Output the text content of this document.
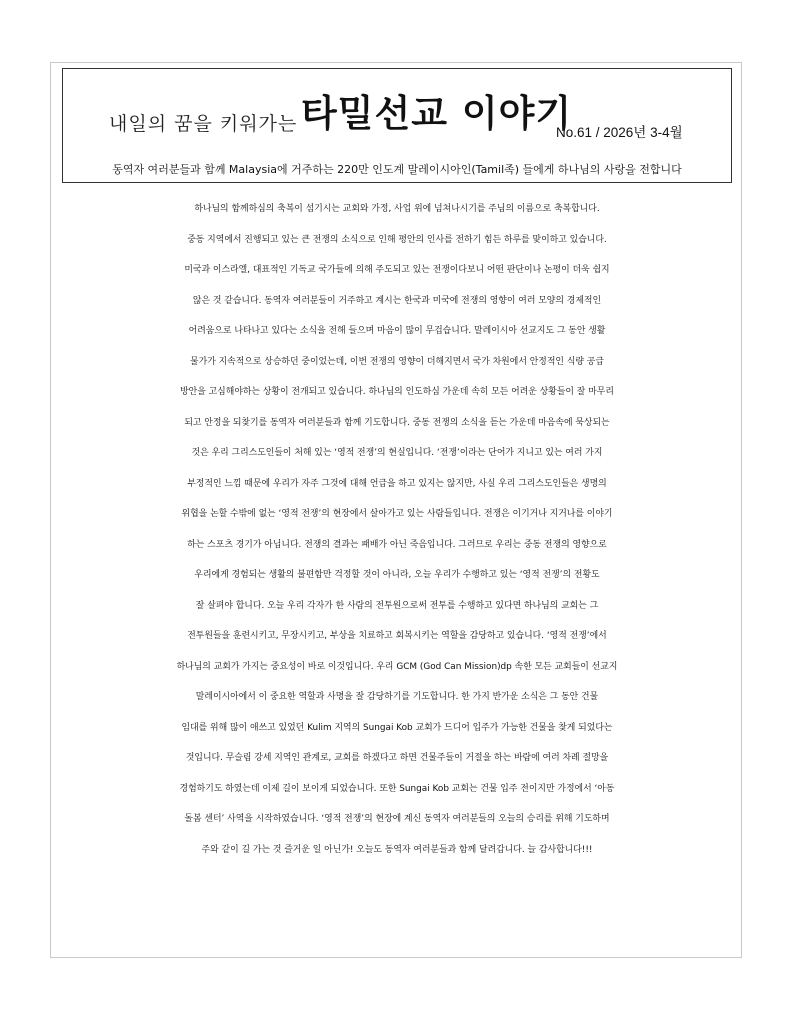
내일의 꿈을 키워가는 타밀선교 이야기
No.61 / 2026년 3-4월
동역자 여러분들과 함께 Malaysia에 거주하는 220만 인도계 말레이시아인(Tamil족) 들에게 하나님의 사랑을 전합니다
하나님의 함께하심의 축복이 섬기시는 교회와 가정, 사업 위에 넘쳐나시기를 주님의 이름으로 축복합니다.
중동 지역에서 진행되고 있는 큰 전쟁의 소식으로 인해 평안의 인사를 전하기 힘든 하루를 맞이하고 있습니다.
미국과 이스라엘, 대표적인 기독교 국가들에 의해 주도되고 있는 전쟁이다보니 어떤 판단이나 논평이 더욱 쉽지
않은 것 같습니다. 동역자 여러분들이 거주하고 계시는 한국과 미국에 전쟁의 영향이 여러 모양의 경제적인
어려움으로 나타나고 있다는 소식을 전해 들으며 마음이 많이 무겁습니다. 말레이시아 선교지도 그 동안 생활
물가가 지속적으로 상승하던 중이었는데, 이번 전쟁의 영향이 더해지면서 국가 차원에서 안정적인 식량 공급
방안을 고심해야하는 상황이 전개되고 있습니다. 하나님의 인도하심 가운데 속히 모든 어려운 상황들이 잘 마무리
되고 안정을 되찾기를 동역자 여러분들과 함께 기도합니다. 중동 전쟁의 소식을 듣는 가운데 마음속에 묵상되는
것은 우리 그리스도인들이 처해 있는 ‘영적 전쟁’의 현실입니다. ‘전쟁’이라는 단어가 지니고 있는 여러 가지
부정적인 느낌 때문에 우리가 자주 그것에 대해 언급을 하고 있지는 않지만, 사실 우리 그리스도인들은 생명의
위협을 논할 수밖에 없는 ‘영적 전쟁’의 현장에서 살아가고 있는 사람들입니다. 전쟁은 이기거나 지거나를 이야기
하는 스포츠 경기가 아닙니다. 전쟁의 결과는 패배가 아닌 죽음입니다. 그러므로 우리는 중동 전쟁의 영향으로
우리에게 경험되는 생활의 불편함만 걱정할 것이 아니라, 오늘 우리가 수행하고 있는 ‘영적 전쟁’의 전황도
잘 살펴야 합니다. 오늘 우리 각자가 한 사람의 전투원으로써 전투를 수행하고 있다면 하나님의 교회는 그
전투원들을 훈련시키고, 무장시키고, 부상을 치료하고 회복시키는 역할을 감당하고 있습니다. ‘영적 전쟁’에서
하나님의 교회가 가지는 중요성이 바로 이것입니다. 우리 GCM (God Can Mission)dp 속한 모든 교회들이 선교지
말레이시아에서 이 중요한 역할과 사명을 잘 감당하기를 기도합니다. 한 가지 반가운 소식은 그 동안 건물
임대를 위해 많이 애쓰고 있었던 Kulim 지역의 Sungai Kob 교회가 드디어 입주가 가능한 건물을 찾게 되었다는
것입니다. 무슬림 강세 지역인 관계로, 교회를 하겠다고 하면 건물주들이 거절을 하는 바람에 여러 차례 절망을
경험하기도 하였는데 이제 길이 보이게 되었습니다. 또한 Sungai Kob 교회는 건물 입주 전이지만 가정에서 ‘아동
돌봄 센터’ 사역을 시작하였습니다. ‘영적 전쟁’의 현장에 계신 동역자 여러분들의 오늘의 승리를 위해 기도하며
주와 같이 길 가는 것 즐거운 일 아닌가! 오늘도 동역자 여러분들과 함께 달려갑니다. 늘 감사합니다!!!
